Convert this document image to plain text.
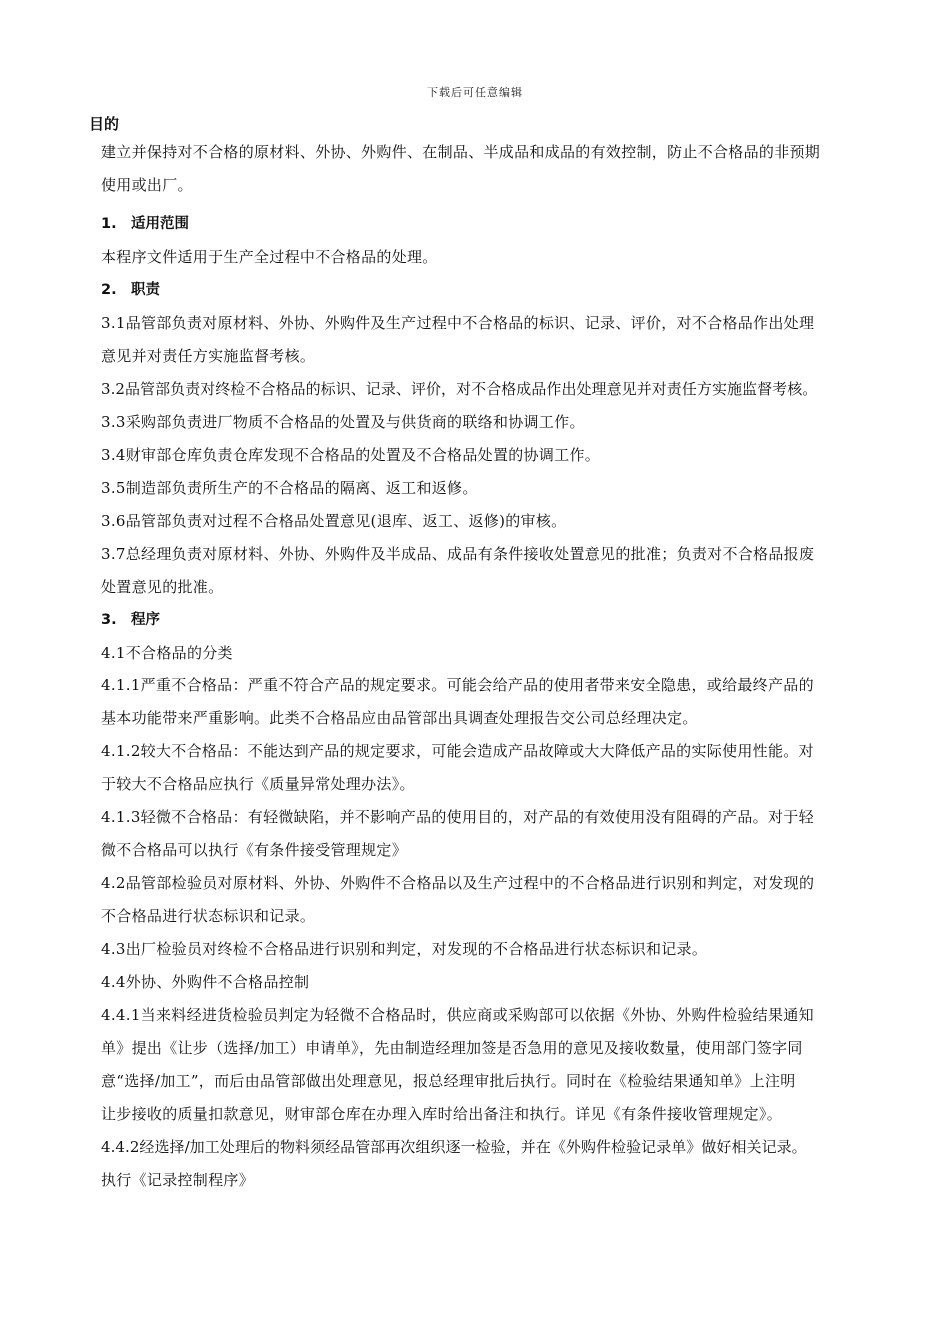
下载后可任意编辑
目的
建立并保持对不合格的原材料、外协、外购件、在制品、半成品和成品的有效控制，防止不合格品的非预期
使用或出厂。
1. 适用范围
本程序文件适用于生产全过程中不合格品的处理。
2. 职责
3.1品管部负责对原材料、外协、外购件及生产过程中不合格品的标识、记录、评价，对不合格品作出处理
意见并对责任方实施监督考核。
3.2品管部负责对终检不合格品的标识、记录、评价，对不合格成品作出处理意见并对责任方实施监督考核。
3.3采购部负责进厂物质不合格品的处置及与供货商的联络和协调工作。
3.4财审部仓库负责仓库发现不合格品的处置及不合格品处置的协调工作。
3.5制造部负责所生产的不合格品的隔离、返工和返修。
3.6品管部负责对过程不合格品处置意见(退库、返工、返修)的审核。
3.7总经理负责对原材料、外协、外购件及半成品、成品有条件接收处置意见的批准；负责对不合格品报废
处置意见的批准。
3. 程序
4.1不合格品的分类
4.1.1严重不合格品：严重不符合产品的规定要求。可能会给产品的使用者带来安全隐患，或给最终产品的
基本功能带来严重影响。此类不合格品应由品管部出具调查处理报告交公司总经理决定。
4.1.2较大不合格品：不能达到产品的规定要求，可能会造成产品故障或大大降低产品的实际使用性能。对
于较大不合格品应执行《质量异常处理办法》。
4.1.3轻微不合格品：有轻微缺陷，并不影响产品的使用目的，对产品的有效使用没有阻碍的产品。对于轻
微不合格品可以执行《有条件接受管理规定》
4.2品管部检验员对原材料、外协、外购件不合格品以及生产过程中的不合格品进行识别和判定，对发现的
不合格品进行状态标识和记录。
4.3出厂检验员对终检不合格品进行识别和判定，对发现的不合格品进行状态标识和记录。
4.4外协、外购件不合格品控制
4.4.1当来料经进货检验员判定为轻微不合格品时，供应商或采购部可以依据《外协、外购件检验结果通知
单》提出《让步（选择/加工）申请单》，先由制造经理加签是否急用的意见及接收数量，使用部门签字同
意“选择/加工”，而后由品管部做出处理意见，报总经理审批后执行。同时在《检验结果通知单》上注明
让步接收的质量扣款意见，财审部仓库在办理入库时给出备注和执行。详见《有条件接收管理规定》。
4.4.2经选择/加工处理后的物料须经品管部再次组织逐一检验，并在《外购件检验记录单》做好相关记录。
执行《记录控制程序》
